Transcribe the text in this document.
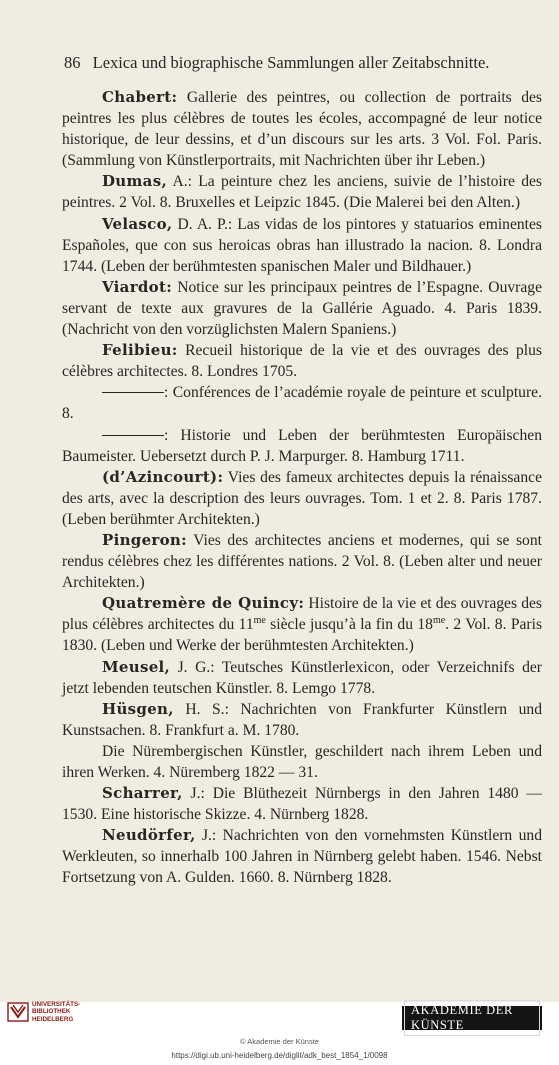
86 Lexica und biographische Sammlungen aller Zeitabschnitte.

Chabert: Gallerie des peintres, ou collection de portraits des peintres les plus célèbres de toutes les écoles, accompagné de leur notice historique, de leur dessins, et d’un discours sur les arts. 3 Vol. Fol. Paris. (Sammlung von Künstlerportraits, mit Nachrichten über ihr Leben.)

Dumas, A.: La peinture chez les anciens, suivie de l’histoire des peintres. 2 Vol. 8. Bruxelles et Leipzic 1845. (Die Malerei bei den Alten.)

Velasco, D. A. P.: Las vidas de los pintores y statuarios eminentes Españoles, que con sus heroicas obras han illustrado la nacion. 8. Londra 1744. (Leben der berühmtesten spanischen Maler und Bildhauer.)

Viardot: Notice sur les principaux peintres de l’Espagne. Ouvrage servant de texte aux gravures de la Gallérie Aguado. 4. Paris 1839. (Nachricht von den vorzüglichsten Malern Spaniens.)

Felibieu: Recueil historique de la vie et des ouvrages des plus célèbres architectes. 8. Londres 1705.

: Conférences de l’académie royale de peinture et sculpture. 8.

: Historie und Leben der berühmtesten Europäischen Baumeister. Uebersetzt durch P. J. Marpurger. 8. Hamburg 1711.

(d’Azincourt): Vies des fameux architectes depuis la rénaissance des arts, avec la description des leurs ouvrages. Tom. 1 et 2. 8. Paris 1787. (Leben berühmter Architekten.)

Pingeron: Vies des architectes anciens et modernes, qui se sont rendus célèbres chez les différentes nations. 2 Vol. 8. (Leben alter und neuer Architekten.)

Quatremère de Quincy: Histoire de la vie et des ouvrages des plus célèbres architectes du $11^{me}$ siècle jusqu’à la fin du $18^{me}$. 2 Vol. 8. Paris 1830. (Leben und Werke der berühmtesten Architekten.)

Meusel, J. G.: Teutsches Künstlerlexicon, oder Verzeichnifs der jetzt lebenden teutschen Künstler. 8. Lemgo 1778.

Hüsgen, H. S.: Nachrichten von Frankfurter Künstlern und Kunstsachen. 8. Frankfurt a. M. 1780.

Die Nürembergischen Künstler, geschildert nach ihrem Leben und ihren Werken. 4. Nüremberg 1822 — 31.

Scharrer, J.: Die Blüthezeit Nürnbergs in den Jahren 1480 — 1530. Eine historische Skizze. 4. Nürnberg 1828.

Neudörfer, J.: Nachrichten von den vornehmsten Künstlern und Werkleuten, so innerhalb 100 Jahren in Nürnberg gelebt haben. 1546. Nebst Fortsetzung von A. Gulden. 1660. 8. Nürnberg 1828.

UNIVERSITÄTS-
BIBLIOTHEK
HEIDELBERG
AKADEMIE DER KÜNSTE
© Akademie der Künste
https://digi.ub.uni-heidelberg.de/diglit/adk_best_1854_1/0098
